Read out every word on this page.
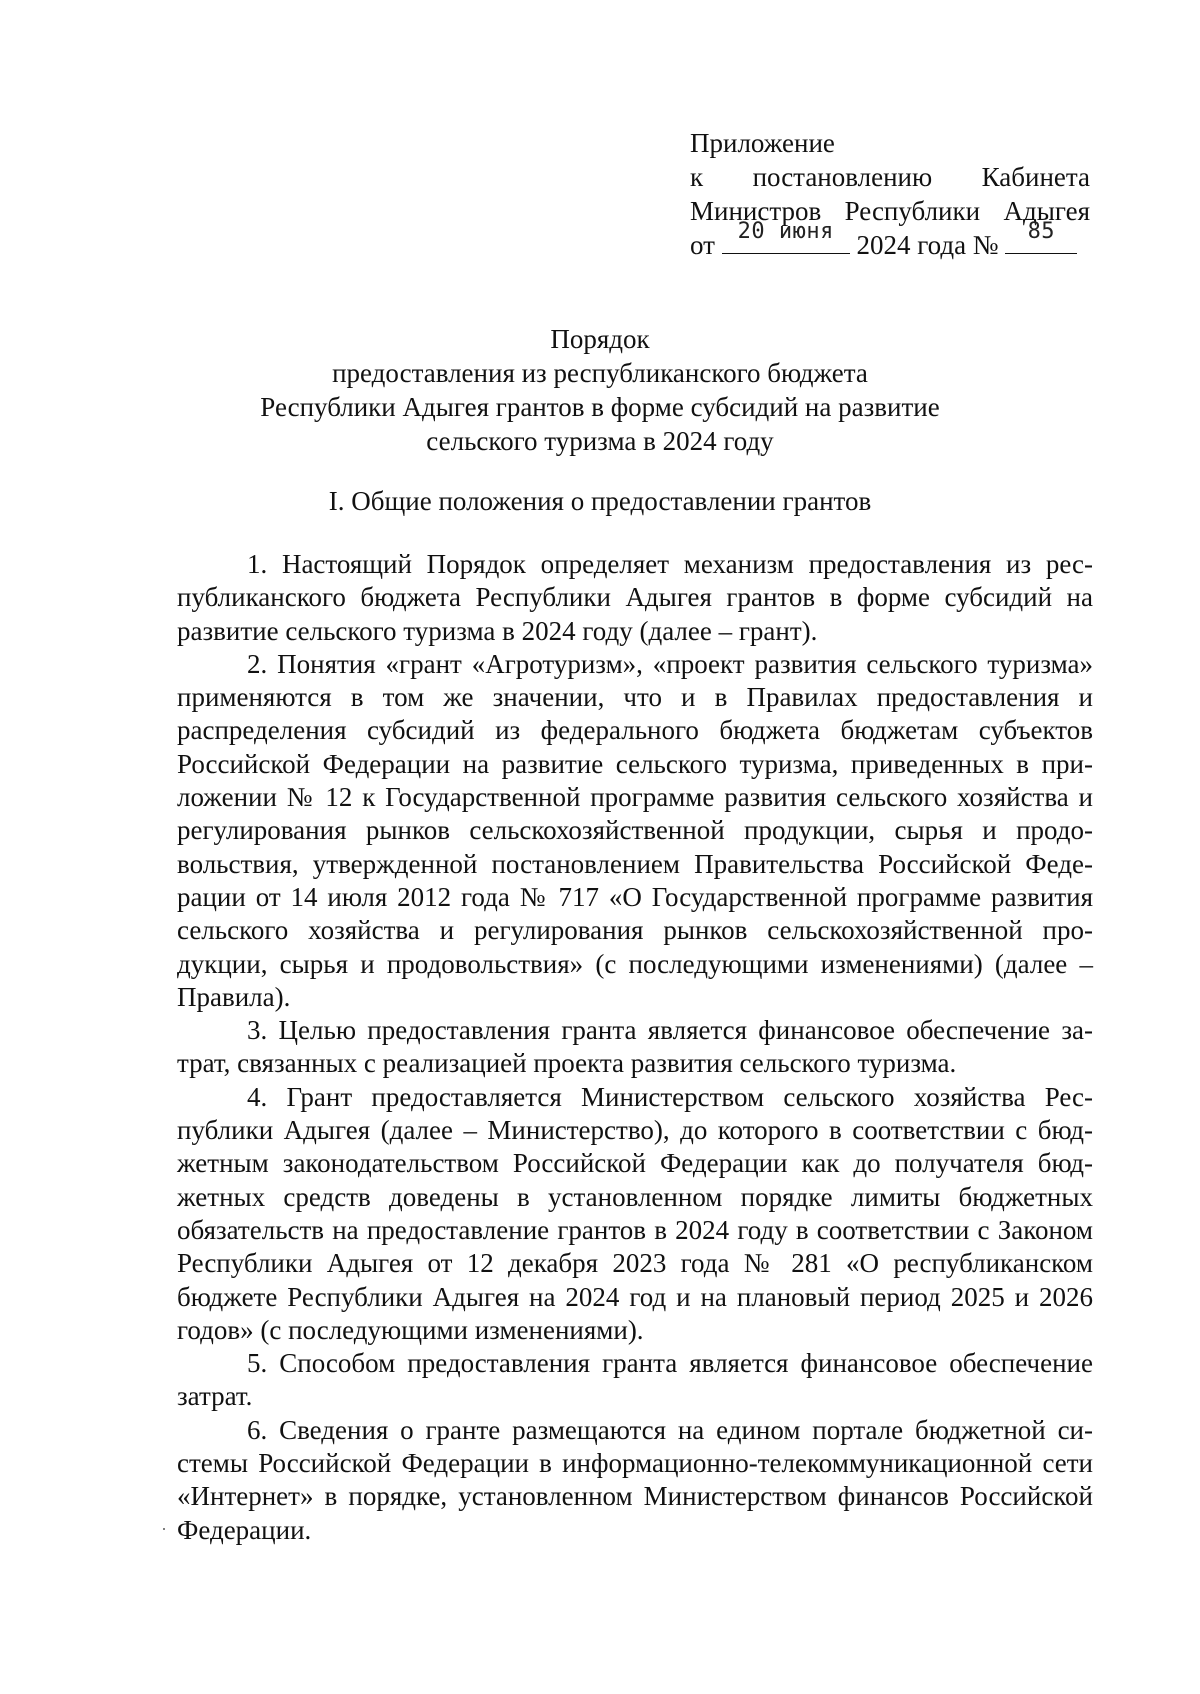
Приложение
к постановлению Кабинета
Министров Республики Адыгея
от	20 июня 2024 года №	85
Порядок
предоставления из республиканского бюджета
Республики Адыгея грантов в форме субсидий на развитие
сельского туризма в 2024 году
I. Общие положения о предоставлении грантов

1. Настоящий Порядок определяет механизм предоставления из республиканского бюджета Республики Адыгея грантов в форме субсидий на развитие сельского туризма в 2024 году (далее – грант).

2. Понятия «грант «Агротуризм», «проект развития сельского туризма» применяются в том же значении, что и в Правилах предоставления и распределения субсидий из федерального бюджета бюджетам субъектов Российской Федерации на развитие сельского туризма, приведенных в приложении № 12 к Государственной программе развития сельского хозяйства и регулирования рынков сельскохозяйственной продукции, сырья и продовольствия, утвержденной постановлением Правительства Российской Федерации от 14 июля 2012 года № 717 «О Государственной программе развития сельского хозяйства и регулирования рынков сельскохозяйственной продукции, сырья и продовольствия» (с последующими изменениями) (далее – Правила).

3. Целью предоставления гранта является финансовое обеспечение затрат, связанных с реализацией проекта развития сельского туризма.

4. Грант предоставляется Министерством сельского хозяйства Республики Адыгея (далее – Министерство), до которого в соответствии с бюджетным законодательством Российской Федерации как до получателя бюджетных средств доведены в установленном порядке лимиты бюджетных обязательств на предоставление грантов в 2024 году в соответствии с Законом Республики Адыгея от 12 декабря 2023 года № 281 «О республиканском бюджете Республики Адыгея на 2024 год и на плановый период 2025 и 2026 годов» (с последующими изменениями).

5. Способом предоставления гранта является финансовое обеспечение затрат.

6. Сведения о гранте размещаются на едином портале бюджетной системы Российской Федерации в информационно-телекоммуникационной сети «Интернет» в порядке, установленном Министерством финансов Российской Федерации.
